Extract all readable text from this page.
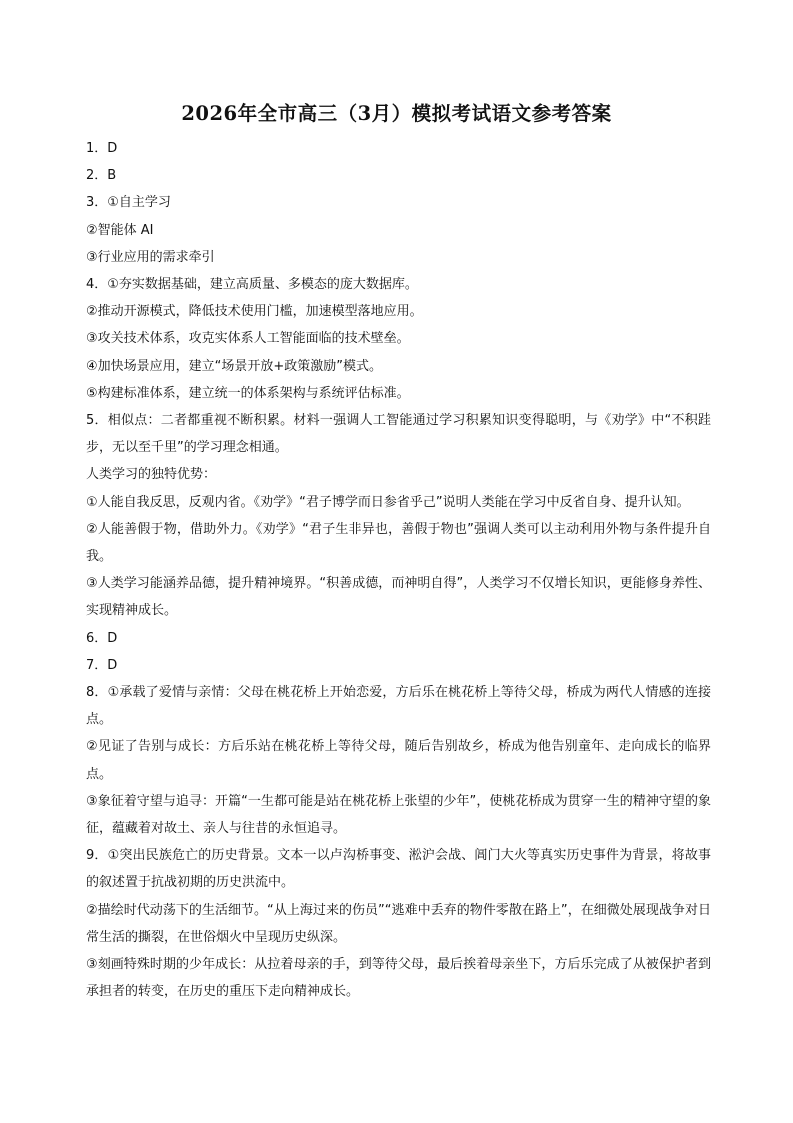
2026年全市高三（3月）模拟考试语文参考答案
1．D
2．B
3．①自主学习
②智能体 AI
③行业应用的需求牵引
4．①夯实数据基础，建立高质量、多模态的庞大数据库。
②推动开源模式，降低技术使用门槛，加速模型落地应用。
③攻关技术体系，攻克实体系人工智能面临的技术壁垒。
④加快场景应用，建立“场景开放+政策激励”模式。
⑤构建标准体系，建立统一的体系架构与系统评估标准。
5．相似点：二者都重视不断积累。材料一强调人工智能通过学习积累知识变得聪明，与《劝学》中“不积跬步，无以至千里”的学习理念相通。
人类学习的独特优势：
①人能自我反思，反观内省。《劝学》“君子博学而日参省乎己”说明人类能在学习中反省自身、提升认知。
②人能善假于物，借助外力。《劝学》“君子生非异也，善假于物也”强调人类可以主动利用外物与条件提升自我。
③人类学习能涵养品德，提升精神境界。“积善成德，而神明自得”，人类学习不仅增长知识，更能修身养性、实现精神成长。
6．D
7．D
8．①承载了爱情与亲情：父母在桃花桥上开始恋爱，方后乐在桃花桥上等待父母，桥成为两代人情感的连接点。
②见证了告别与成长：方后乐站在桃花桥上等待父母，随后告别故乡，桥成为他告别童年、走向成长的临界点。
③象征着守望与追寻：开篇“一生都可能是站在桃花桥上张望的少年”，使桃花桥成为贯穿一生的精神守望的象征，蕴藏着对故土、亲人与往昔的永恒追寻。
9．①突出民族危亡的历史背景。文本一以卢沟桥事变、淞沪会战、阊门大火等真实历史事件为背景，将故事的叙述置于抗战初期的历史洪流中。
②描绘时代动荡下的生活细节。“从上海过来的伤员”“逃难中丢弃的物件零散在路上”，在细微处展现战争对日常生活的撕裂，在世俗烟火中呈现历史纵深。
③刻画特殊时期的少年成长：从拉着母亲的手，到等待父母，最后挨着母亲坐下，方后乐完成了从被保护者到承担者的转变，在历史的重压下走向精神成长。
